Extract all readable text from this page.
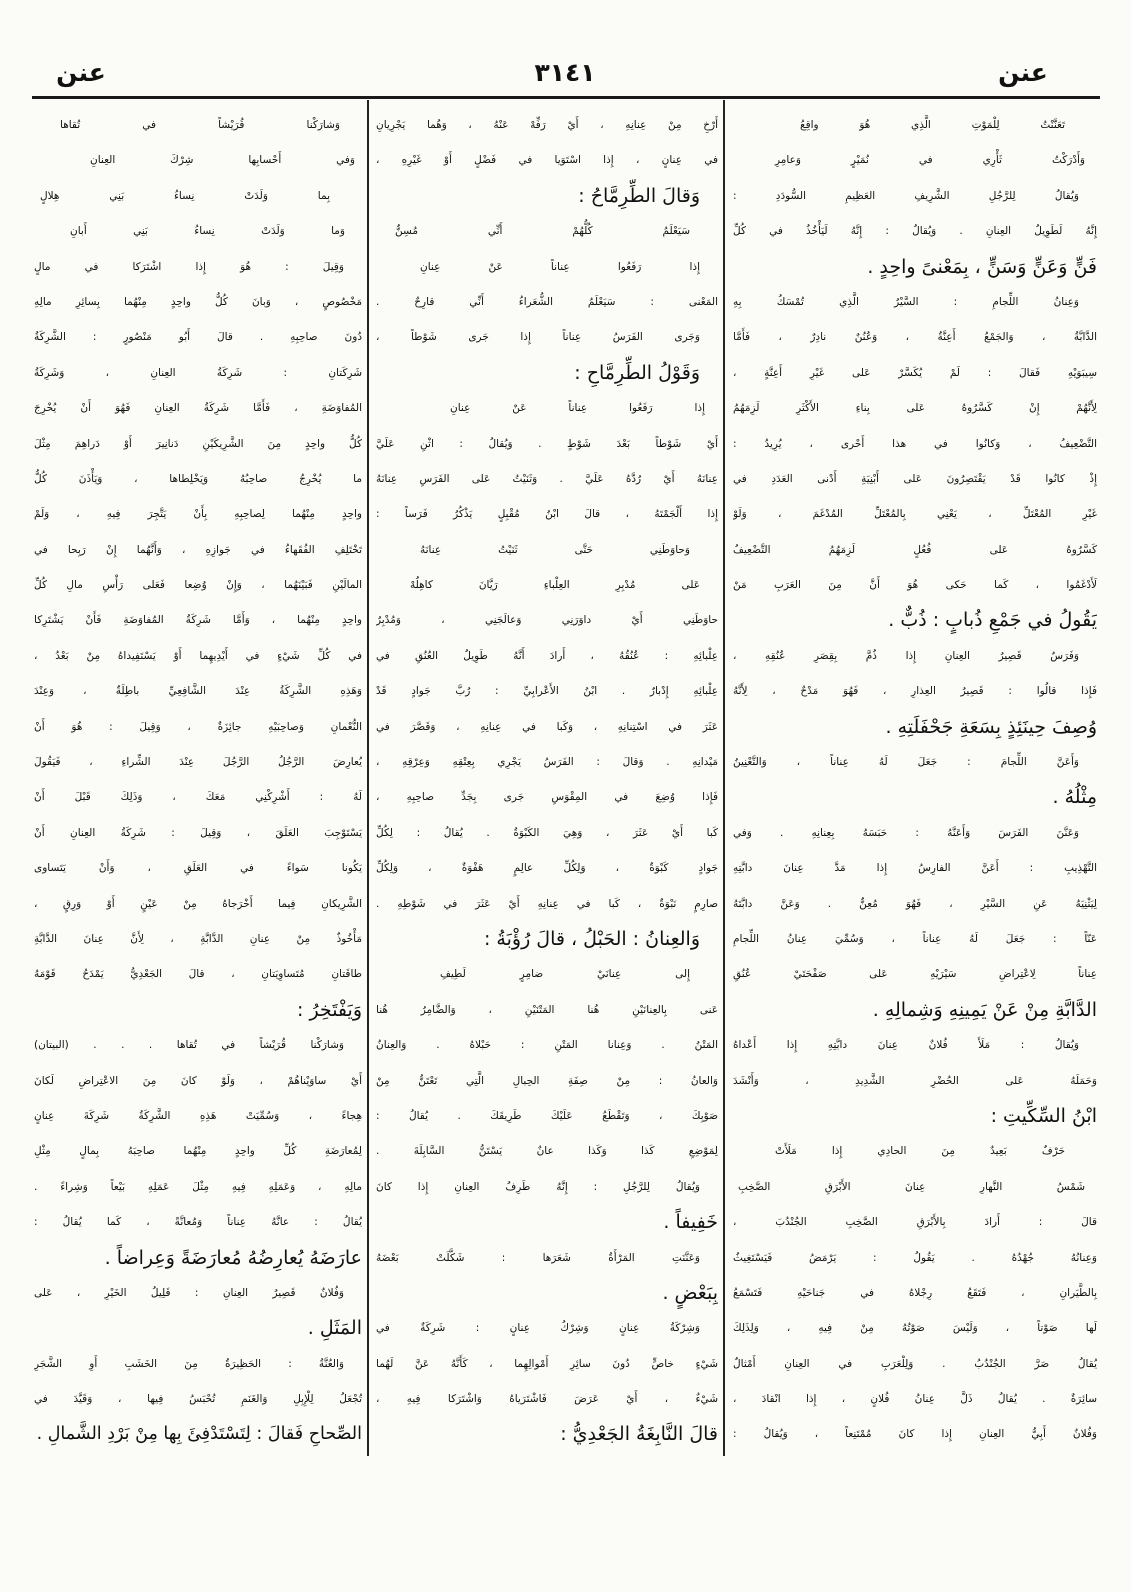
عنن
٣١٤١
عنن
تَعَنَّنْتُ لِلْمَوْتِ الَّذِي هُوَ واقِعُ
وَأَدْرَكْتُ ثَأْرِي في نُمَيْرٍ وَعامِرِ
وَيُقالُ لِلرَّجُلِ الشَّرِيفِ العَظِيمِ السُّودَدِ :
إِنَّهُ لَطَوِيلُ العِنانِ . وَيُقالُ : إِنَّهُ لَيَأْخُذُ في كُلِّ
فَنٍّ وَعَنٍّ وَسَنٍّ ، بِمَعْنىً واحِدٍ .
وَعِنانُ اللِّجامِ : السَّيْرُ الَّذِي تُمْسَكُ بِهِ
الدَّابَّةُ ، وَالجَمْعُ أَعِنَّةٌ ، وَعُنُنٌ نادِرٌ ، فَأَمَّا
سِيبَوَيْهِ فَقالَ : لَمْ يُكَسَّرْ عَلى غَيْرِ أَعِنَّةٍ ،
لِأَنَّهُمْ إِنْ كَسَّرُوهُ عَلى بِناءِ الأَكْثَرِ لَزِمَهُمُ
التَّضْعِيفُ ، وَكانُوا في هذا أَحْرى ، يُرِيدُ :
إِذْ كانُوا قَدْ يَقْتَصِرُونَ عَلى أَبْنِيَةِ أَدْنى العَدَدِ في
غَيْرِ المُعْتَلِّ ، يَعْنِي بِالمُعْتَلِّ المُدْغَمَ ، وَلَوْ
كَسَّرُوهُ عَلى فُعُلٍ لَزِمَهُمُ التَّضْعِيفُ
لَأَدْغَمُوا ، كَما حَكى هُوَ أَنَّ مِنَ العَرَبِ مَنْ
يَقُولُ في جَمْعِ ذُبابٍ : ذُبٌّ .
وَفَرَسٌ قَصِيرُ العِنانِ إِذا ذُمَّ بِقِصَرِ عُنُقِهِ ،
فَإِذا قالُوا : قَصِيرُ العِذارِ ، فَهُوَ مَدْحٌ ، لِأَنَّهُ
وُصِفَ حِينَئِذٍ بِسَعَةِ جَحْفَلَتِهِ .
وَأَعَنَّ اللِّجامَ : جَعَلَ لَهُ عِناناً ، وَالتَّعْنِينُ
مِثْلُهُ .
وَعَنَّنَ الفَرَسَ وَأَعَنَّهُ : حَبَسَهُ بِعِنانِهِ . وَفي
التَّهْذِيبِ : أَعَنَّ الفارِسُ إِذا مَدَّ عِنانَ دابَّتِهِ
لِيَثْنِيَهُ عَنِ السَّيْرِ ، فَهُوَ مُعِنٌّ . وَعَنَّ دابَّتَهُ
عَنّاً : جَعَلَ لَهُ عِناناً ، وَسُمِّيَ عِنانُ اللِّجامِ
عِناناً لِاعْتِراضِ سَيْرَيْهِ عَلى صَفْحَتَيْ عُنُقِ
الدَّابَّةِ مِنْ عَنْ يَمِينِهِ وَشِمالِهِ .
وَيُقالُ : مَلَأَ فُلانٌ عِنانَ دابَّتِهِ إِذا أَعْداهُ
وَحَمَلَهُ عَلى الحُضْرِ الشَّدِيدِ ، وَأَنْشَدَ
ابْنُ السِّكِّيتِ :
حَرْفٌ بَعِيدٌ مِنَ الحادِي إِذا مَلَأَتْ
شَمْسُ النَّهارِ عِنانَ الأَبْرَقِ الصَّخِبِ
قالَ : أَرادَ بِالأَبْرَقِ الصَّخِبِ الجُنْدُبَ ،
وَعِنانُهُ جُهْدُهُ . يَقُولُ : يَرْمَضُ فَيَسْتَغِيثُ
بِالطَّيَرانِ ، فَتَقَعُ رِجْلاهُ في جَناحَيْهِ فَتَسْمَعُ
لَها صَوْتاً ، وَلَيْسَ صَوْتُهُ مِنْ فِيهِ ، وَلِذَلِكَ
يُقالُ صَرَّ الجُنْدُبُ . وَلِلْعَرَبِ في العِنانِ أَمْثالٌ
سائِرَةٌ . يُقالُ ذَلَّ عِنانُ فُلانٍ ، إِذا انْقادَ ،
وَفُلانٌ أَبِيُّ العِنانِ إِذا كانَ مُمْتَنِعاً ، وَيُقالُ :
أَرْخِ مِنْ عِنانِهِ ، أَيْ رَفِّهْ عَنْهُ ، وَهُما يَجْرِيانِ
في عِنانٍ ، إِذا اسْتَوَيا في فَضْلٍ أَوْ غَيْرِهِ ،
وَقالَ الطِّرِمَّاحُ :
سَيَعْلَمُ كُلُّهُمْ أَنِّي مُسِنٌّ
إِذا رَفَعُوا عِناناً عَنْ عِنانِ
المَعْنى : سَيَعْلَمُ الشُّعَراءُ أَنِّي قارِحٌ .
وَجَرى الفَرَسُ عِناناً إِذا جَرى شَوْطاً ،
وَقَوْلُ الطِّرِمَّاحِ :
إِذا رَفَعُوا عِناناً عَنْ عِنانِ
أَيْ شَوْطاً بَعْدَ شَوْطٍ . وَيُقالُ : اثْنِ عَلَيَّ
عِنانَهُ أَيْ رُدَّهُ عَلَيَّ . وَثَنَيْتُ عَلى الفَرَسِ عِنانَهُ
إِذا أَلْجَمْتَهُ ، قالَ ابْنُ مُقْبِلٍ يَذْكُرُ فَرَساً :
وَحاوَطَنِي حَتَّى ثَنَيْتُ عِنانَهُ
عَلى مُدْبِرِ العِلْباءِ رَيَّانَ كاهِلُهْ
حاوَطَنِي أَيْ داوَرَنِي وَعالَجَنِي ، وَمُدْبِرُ
عِلْبائِهِ : عُنُقُهُ ، أَرادَ أَنَّهُ طَوِيلُ العُنُقِ في
عِلْبائِهِ إِدْبارٌ . ابْنُ الأَعْرابِيِّ : رُبَّ جَوادٍ قَدْ
عَثَرَ في اسْتِنانِهِ ، وَكَبا في عِنانِهِ ، وَقَصَّرَ في
مَيْدانِهِ . وَقالَ : الفَرَسُ يَجْرِي بِعِتْقِهِ وَعِرْقِهِ ،
فَإِذا وُضِعَ في المِقْوَسِ جَرى بِجَدِّ صاحِبِهِ ،
كَبا أَيْ عَثَرَ ، وَهِيَ الكَبْوَةُ . يُقالُ : لِكُلِّ
جَوادٍ كَبْوَةٌ ، وَلِكُلِّ عالِمٍ هَفْوَةٌ ، وَلِكُلِّ
صارِمٍ نَبْوَةٌ ، كَبا في عِنانِهِ أَيْ عَثَرَ في شَوْطِهِ .
وَالعِنانُ : الحَبْلُ ، قالَ رُؤْبَةُ :
إِلى عِنانَيْ ضامِرٍ لَطِيفِ
عَنى بِالعِنانَيْنِ هُنا المَتْنَيْنِ ، وَالضَّامِرُ هُنا
المَتْنُ . وَعِنانا المَتْنِ : حَبْلاهُ . وَالعِنانُ
وَالعانُ : مِنْ صِفَةِ الحِبالِ الَّتِي تَعْتَنُّ مِنْ
صَوْبِكَ ، وَتَقْطَعُ عَلَيْكَ طَرِيقَكَ . يُقالُ :
لِمَوْضِعِ كَذا وَكَذا عانٌ يَسْتَنُّ السَّابِلَةَ .
وَيُقالُ لِلرَّجُلِ : إِنَّهُ طَرِفُ العِنانِ إِذا كانَ
خَفِيفاً .
وَعَنَّنَتِ المَرْأَةُ شَعَرَها : شَكَّلَتْ بَعْضَهُ
بِبَعْضٍ .
وَشِرْكَةُ عِنانٍ وَشِرْكُ عِنانٍ : شَرِكَةٌ في
شَيْءٍ خاصٍّ دُونَ سائِرِ أَمْوالِهِما ، كَأَنَّهُ عَنَّ لَهُما
شَيْءٌ ، أَيْ عَرَضَ فَاشْتَرَياهُ وَاشْتَرَكا فِيهِ ،
قالَ النَّابِغَةُ الجَعْدِيُّ :
وَشارَكْنا قُرَيْشاً في تُقاها
وَفي أَحْسابِها شِرْكَ العِنانِ
بِما وَلَدَتْ نِساءُ بَنِي هِلالٍ
وَما وَلَدَتْ نِساءُ بَنِي أَبانِ
وَقِيلَ : هُوَ إِذا اشْتَرَكا في مالٍ
مَخْصُوصٍ ، وَبانَ كُلُّ واحِدٍ مِنْهُما بِسائِرِ مالِهِ
دُونَ صاحِبِهِ . قالَ أَبُو مَنْصُورٍ : الشَّرِكَةُ
شَرِكَتانِ : شَرِكَةُ العِنانِ ، وَشَرِكَةُ
المُفاوَضَةِ ، فَأَمَّا شَرِكَةُ العِنانِ فَهُوَ أَنْ يُخْرِجَ
كُلُّ واحِدٍ مِنَ الشَّرِيكَيْنِ دَنانِيرَ أَوْ دَراهِمَ مِثْلَ
ما يُخْرِجُ صاحِبُهُ وَيَخْلِطاها ، وَيَأْذَنَ كُلُّ
واحِدٍ مِنْهُما لِصاحِبِهِ بِأَنْ يَتَّجِرَ فِيهِ ، وَلَمْ
تَخْتَلِفِ الفُقَهاءُ في جَوازِهِ ، وَأَنَّهُما إِنْ رَبِحا في
المالَيْنِ فَبَيْنَهُما ، وَإِنْ وُضِعا فَعَلى رَأْسِ مالِ كُلِّ
واحِدٍ مِنْهُما ، وَأَمَّا شَرِكَةُ المُفاوَضَةِ فَأَنْ يَشْتَرِكا
في كُلِّ شَيْءٍ في أَيْدِيهِما أَوْ يَسْتَفِيداهُ مِنْ بَعْدُ ،
وَهَذِهِ الشَّرِكَةُ عِنْدَ الشَّافِعِيِّ باطِلَةٌ ، وَعِنْدَ
النُّعْمانِ وَصاحِبَيْهِ جائِزَةٌ ، وَقِيلَ : هُوَ أَنْ
يُعارِضَ الرَّجُلُ الرَّجُلَ عِنْدَ الشِّراءِ ، فَيَقُولَ
لَهُ : أَشْرِكْنِي مَعَكَ ، وَذَلِكَ قَبْلَ أَنْ
يَسْتَوْجِبَ العَلَقَ ، وَقِيلَ : شَرِكَةُ العِنانِ أَنْ
يَكُونا سَواءً في العَلَقِ ، وَأَنْ يَتَساوى
الشَّرِيكانِ فِيما أَخْرَجاهُ مِنْ عَيْنٍ أَوْ وَرِقٍ ،
مَأْخُوذٌ مِنْ عِنانِ الدَّابَّةِ ، لِأَنَّ عِنانَ الدَّابَّةِ
طاقَتانِ مُتَساوِيَتانِ ، قالَ الجَعْدِيُّ يَمْدَحُ قَوْمَهُ
وَيَفْتَخِرُ :
وَشارَكْنا قُرَيْشاً في تُقاها . . . (البيتان)
أَيْ ساوَيْناهُمْ ، وَلَوْ كانَ مِنَ الاعْتِراضِ لَكانَ
هِجاءً ، وَسُمِّيَتْ هَذِهِ الشَّرِكَةُ شَرِكَةَ عِنانٍ
لِمُعارَضَةِ كُلِّ واحِدٍ مِنْهُما صاحِبَهُ بِمالٍ مِثْلِ
مالِهِ ، وَعَمَلِهِ فِيهِ مِثْلَ عَمَلِهِ بَيْعاً وَشِراءً .
يُقالُ : عانَّهُ عِناناً وَمُعانَّةً ، كَما يُقالُ :
عارَضَهُ يُعارِضُهُ مُعارَضَةً وَعِراضاً .
وَفُلانٌ قَصِيرُ العِنانِ : قَلِيلُ الخَيْرِ ، عَلى
المَثَلِ .
وَالعُنَّةُ : الحَظِيرَةُ مِنَ الخَشَبِ أَوِ الشَّجَرِ
تُجْعَلُ لِلْإِبِلِ وَالغَنَمِ تُحْبَسُ فِيها ، وَقَيَّدَ في
الصِّحاحِ فَقالَ : لِتَسْتَدْفِئَ بِها مِنْ بَرْدِ الشَّمالِ .
